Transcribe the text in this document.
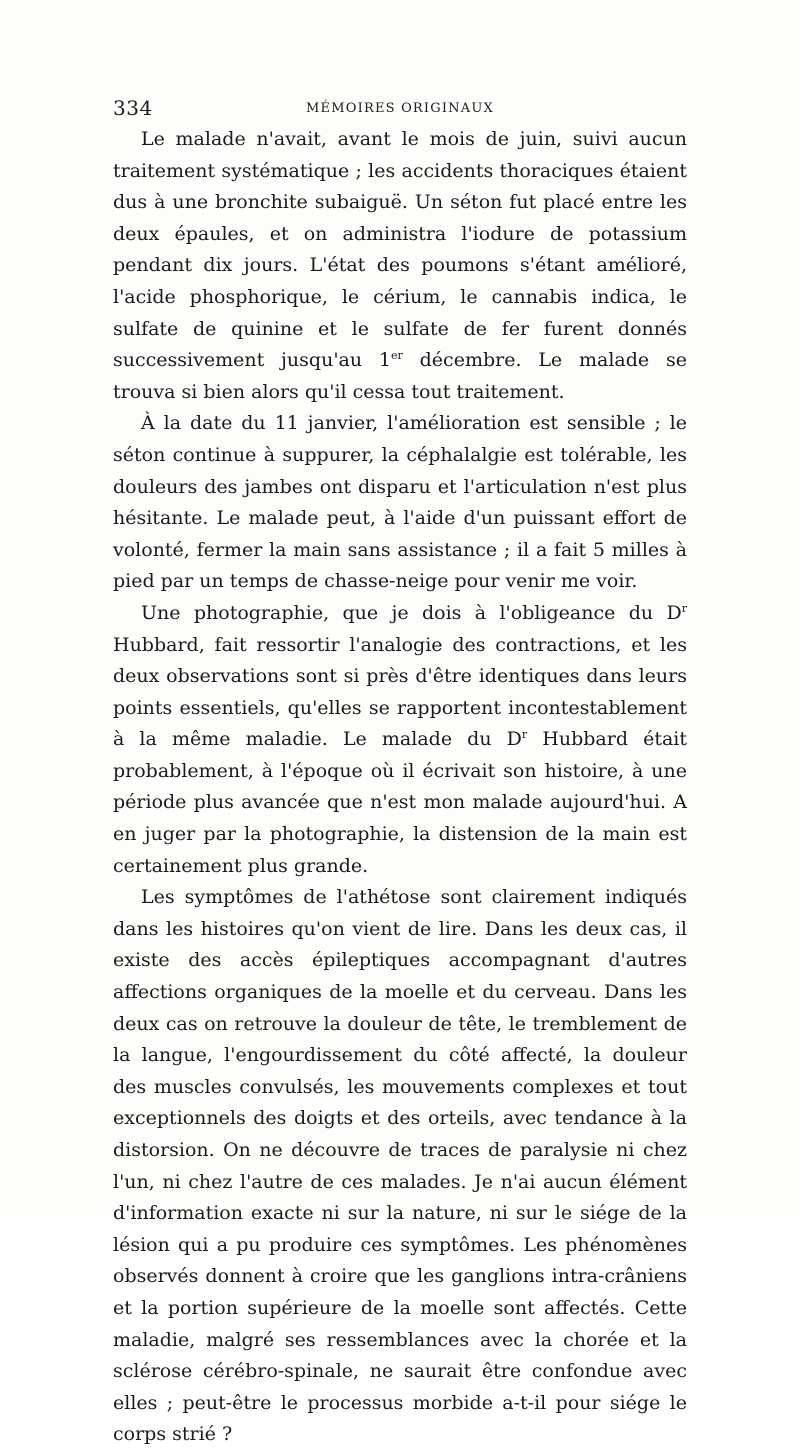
334	MÉMOIRES ORIGINAUX

Le malade n'avait, avant le mois de juin, suivi aucun traitement systématique ; les accidents thoraciques étaient dus à une bronchite subaiguë. Un séton fut placé entre les deux épaules, et on administra l'iodure de potassium pendant dix jours. L'état des poumons s'étant amélioré, l'acide phosphorique, le cérium, le cannabis indica, le sulfate de quinine et le sulfate de fer furent donnés successivement jusqu'au 1er décembre. Le malade se trouva si bien alors qu'il cessa tout traitement.

À la date du 11 janvier, l'amélioration est sensible ; le séton continue à suppurer, la céphalalgie est tolérable, les douleurs des jambes ont disparu et l'articulation n'est plus hésitante. Le malade peut, à l'aide d'un puissant effort de volonté, fermer la main sans assistance ; il a fait 5 milles à pied par un temps de chasse-neige pour venir me voir.

Une photographie, que je dois à l'obligeance du $D^r$ Hubbard, fait ressortir l'analogie des contractions, et les deux observations sont si près d'être identiques dans leurs points essentiels, qu'elles se rapportent incontestablement à la même maladie. Le malade du $D^r$ Hubbard était probablement, à l'époque où il écrivait son histoire, à une période plus avancée que n'est mon malade aujourd'hui. A en juger par la photographie, la distension de la main est certainement plus grande.

Les symptômes de l'athétose sont clairement indiqués dans les histoires qu'on vient de lire. Dans les deux cas, il existe des accès épileptiques accompagnant d'autres affections organiques de la moelle et du cerveau. Dans les deux cas on retrouve la douleur de tête, le tremblement de la langue, l'engourdissement du côté affecté, la douleur des muscles convulsés, les mouvements complexes et tout exceptionnels des doigts et des orteils, avec tendance à la distorsion. On ne découvre de traces de paralysie ni chez l'un, ni chez l'autre de ces malades. Je n'ai aucun élément d'information exacte ni sur la nature, ni sur le siége de la lésion qui a pu produire ces symptômes. Les phénomènes observés donnent à croire que les ganglions intra-crâniens et la portion supérieure de la moelle sont affectés. Cette maladie, malgré ses ressemblances avec la chorée et la sclérose cérébro-spinale, ne saurait être confondue avec elles ; peut-être le processus morbide a-t-il pour siége le corps strié ?
